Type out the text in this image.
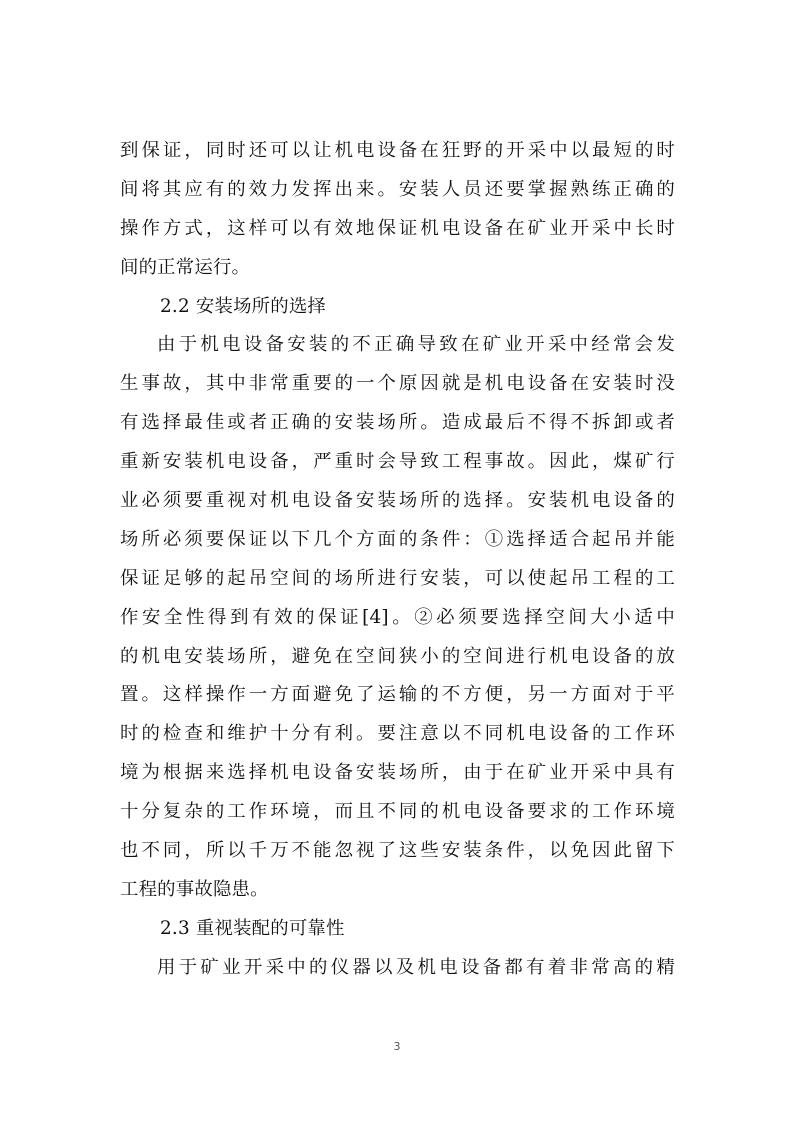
到保证，同时还可以让机电设备在狂野的开采中以最短的时
间将其应有的效力发挥出来。安装人员还要掌握熟练正确的
操作方式，这样可以有效地保证机电设备在矿业开采中长时
间的正常运行。
2.2 安装场所的选择
由于机电设备安装的不正确导致在矿业开采中经常会发
生事故，其中非常重要的一个原因就是机电设备在安装时没
有选择最佳或者正确的安装场所。造成最后不得不拆卸或者
重新安装机电设备，严重时会导致工程事故。因此，煤矿行
业必须要重视对机电设备安装场所的选择。安装机电设备的
场所必须要保证以下几个方面的条件：①选择适合起吊并能
保证足够的起吊空间的场所进行安装，可以使起吊工程的工
作安全性得到有效的保证[4]。②必须要选择空间大小适中
的机电安装场所，避免在空间狭小的空间进行机电设备的放
置。这样操作一方面避免了运输的不方便，另一方面对于平
时的检查和维护十分有利。要注意以不同机电设备的工作环
境为根据来选择机电设备安装场所，由于在矿业开采中具有
十分复杂的工作环境，而且不同的机电设备要求的工作环境
也不同，所以千万不能忽视了这些安装条件，以免因此留下
工程的事故隐患。
2.3 重视装配的可靠性
用于矿业开采中的仪器以及机电设备都有着非常高的精
3
